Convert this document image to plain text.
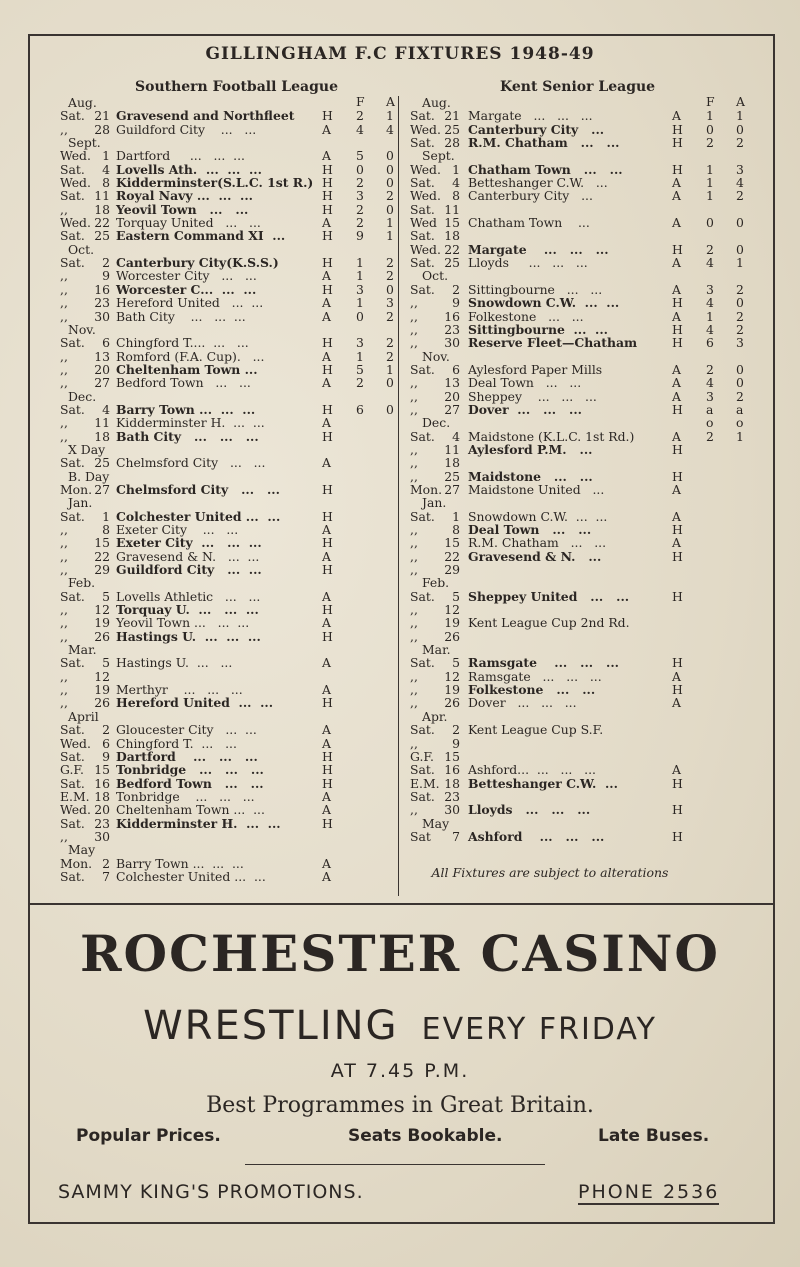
GILLINGHAM F.C FIXTURES 1948-49
Southern Football League	Kent Senior League
F A
Aug.
Sat. 21 Gravesend and Northfleet H 2 1
,, 28 Guildford City    ...   ...	A 4 4
Sept.
Wed. 1 Dartford     ...   ...  ...	A 5 0
Sat.	4 Lovells Ath.  ...  ...  ...	H 0 0
Wed. 8 Kidderminster(S.L.C. 1st R.) H 2 0
Sat. 11 Royal Navy ...  ...  ...	H 3 2
,, 18 Yeovil Town   ...   ...	H 2 0
Wed. 22 Torquay United   ...   ...	A 2 1
Sat. 25 Eastern Command XI  ...	H 9 1
Oct.
Sat.	2 Canterbury City(K.S.S.)	H 1 2
,,	9 Worcester City   ...   ...	A 1 2
,, 16 Worcester C...  ...  ...	H 3 0
,, 23 Hereford United   ...  ...	A 1 3
,, 30 Bath City    ...   ...  ...	A 0 2
Nov.
Sat.	6 Chingford T....  ...   ...	H 3 2
,, 13 Romford (F.A. Cup).   ...	A 1 2
,, 20 Cheltenham Town ...	H 5 1
,, 27 Bedford Town   ...   ...	A 2 0
Dec.
Sat.	4 Barry Town ...  ...  ...	H 6 0
,, 11 Kidderminster H.  ...  ...	A
,, 18 Bath City   ...   ...   ...	H
X Day
Sat. 25 Chelmsford City   ...   ...	A
B. Day
Mon. 27 Chelmsford City   ...   ...	H
Jan.
Sat.	1 Colchester United ...  ...	H
,,	8 Exeter City    ...   ...	A
,, 15 Exeter City  ...   ...  ...	H
,, 22 Gravesend & N.   ...  ...	A
,, 29 Guildford City   ...  ...	H
Feb.
Sat.	5 Lovells Athletic   ...   ...	A
,, 12 Torquay U.  ...   ...  ...	H
,, 19 Yeovil Town ...   ...  ...	A
,, 26 Hastings U.  ...  ...  ...	H
Mar.
Sat.	5 Hastings U.  ...   ...	A
,, 12
,, 19 Merthyr    ...   ...   ...	A
,, 26 Hereford United  ...  ...	H
April
Sat.	2 Gloucester City   ...  ...	A
Wed. 6 Chingford T.  ...   ...	A
Sat.	9 Dartford    ...   ...   ...	H
G.F. 15 Tonbridge   ...   ...   ...	H
Sat. 16 Bedford Town   ...   ...	H
E.M. 18 Tonbridge    ...   ...   ...	A
Wed. 20 Cheltenham Town ...  ...	A
Sat. 23 Kidderminster H.  ...  ...	H
,, 30
May
Mon. 2 Barry Town ...  ...  ...	A
Sat.	7 Colchester United ...  ...	A
F A
Aug.
Sat. 21 Margate   ...   ...   ...	A 1 1
Wed. 25 Canterbury City   ...	H 0 0
Sat. 28 R.M. Chatham   ...   ...	H 2 2
Sept.
Wed. 1 Chatham Town   ...   ...	H 1 3
Sat.	4 Betteshanger C.W.   ...	A 1 4
Wed. 8 Canterbury City   ...	A 1 2
Sat. 11
Wed 15 Chatham Town    ...	A 0 0
Sat. 18
Wed. 22 Margate    ...   ...   ...	H 2 0
Sat. 25 Lloyds     ...   ...   ...	A 4 1
Oct.
Sat.	2 Sittingbourne   ...   ...	A 3 2
,,	9 Snowdown C.W.  ...  ...	H 4 0
,, 16 Folkestone   ...   ...	A 1 2
,, 23 Sittingbourne  ...  ...	H 4 2
,, 30 Reserve Fleet—Chatham	H 6 3
Nov.
Sat.	6 Aylesford Paper Mills	A 2 0
,, 13 Deal Town   ...   ...	A 4 0
,, 20 Sheppey    ...   ...   ...	A 3 2
,, 27 Dover  ...   ...   ...	H a a
Dec.	o o
Sat.	4 Maidstone (K.L.C. 1st Rd.)	A 2 1
,, 11 Aylesford P.M.   ...	H
,, 18
,, 25 Maidstone   ...   ...	H
Mon. 27 Maidstone United   ...	A
Jan.
Sat.	1 Snowdown C.W.  ...  ...	A
,,	8 Deal Town   ...   ...	H
,, 15 R.M. Chatham   ...   ...	A
,, 22 Gravesend & N.   ...	H
,, 29
Feb.
Sat.	5 Sheppey United   ...   ...	H
,, 12
,, 19 Kent League Cup 2nd Rd.
,, 26
Mar.
Sat.	5 Ramsgate    ...   ...   ...	H
,, 12 Ramsgate   ...   ...   ...	A
,, 19 Folkestone   ...   ...	H
,, 26 Dover   ...   ...   ...	A
Apr.
Sat.	2 Kent League Cup S.F.
,,	9
G.F. 15
Sat. 16 Ashford...  ...   ...   ...	A
E.M. 18 Betteshanger C.W.  ...	H
Sat. 23
,, 30 Lloyds   ...   ...   ...	H
May
Sat	7 Ashford    ...   ...   ...	H
All Fixtures are subject to alterations
ROCHESTER CASINO
WRESTLING EVERY FRIDAY
AT 7.45 P.M.
Best Programmes in Great Britain.
Popular Prices.	Seats Bookable.	Late Buses.
SAMMY KING'S PROMOTIONS.	PHONE 2536
